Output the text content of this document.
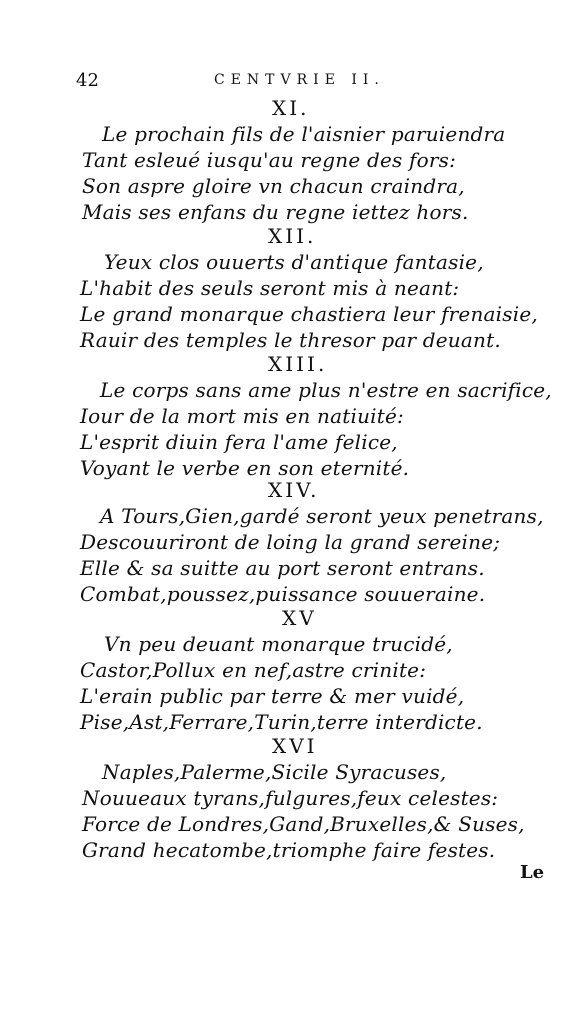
42	CENTVRIE II.
XI.
Le prochain fils de l'aisnier paruiendra
Tant esleué iusqu'au regne des fors:
Son aspre gloire vn chacun craindra,
Mais ses enfans du regne iettez hors.
XII.
Yeux clos ouuerts d'antique fantasie,
L'habit des seuls seront mis à neant:
Le grand monarque chastiera leur frenaisie,
Rauir des temples le thresor par deuant.
XIII.
Le corps sans ame plus n'estre en sacrifice,
Iour de la mort mis en natiuité:
L'esprit diuin fera l'ame felice,
Voyant le verbe en son eternité.
XIV.
A Tours,Gien,gardé seront yeux penetrans,
Descouuriront de loing la grand sereine;
Elle & sa suitte au port seront entrans.
Combat,poussez,puissance souueraine.
XV
Vn peu deuant monarque trucidé,
Castor,Pollux en nef,astre crinite:
L'erain public par terre & mer vuidé,
Pise,Ast,Ferrare,Turin,terre interdicte.
XVI
Naples,Palerme,Sicile Syracuses,
Nouueaux tyrans,fulgures,feux celestes:
Force de Londres,Gand,Bruxelles,& Suses,
Grand hecatombe,triomphe faire festes.
Le
